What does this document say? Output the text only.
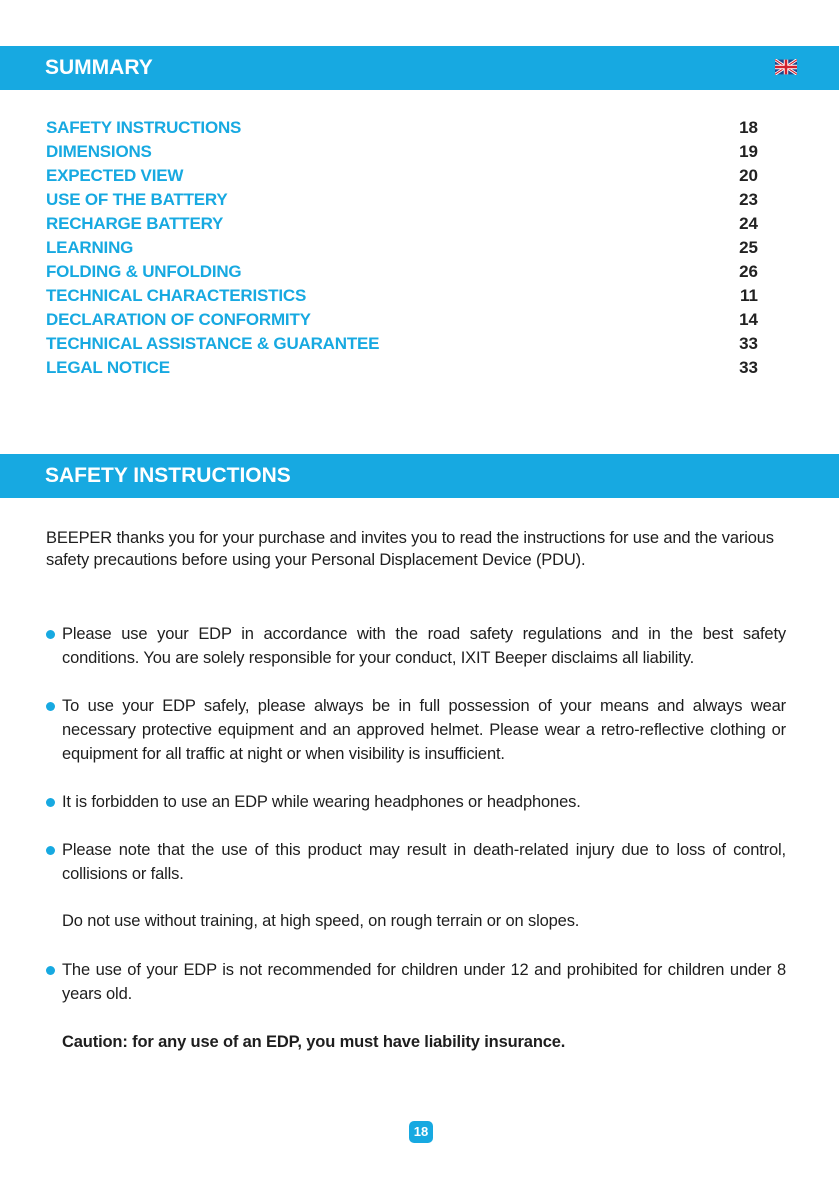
SUMMARY
SAFETY INSTRUCTIONS	18
DIMENSIONS	19
EXPECTED VIEW	20
USE OF THE BATTERY	23
RECHARGE BATTERY	24
LEARNING	25
FOLDING & UNFOLDING	26
TECHNICAL CHARACTERISTICS	11
DECLARATION OF CONFORMITY	14
TECHNICAL ASSISTANCE & GUARANTEE	33
LEGAL NOTICE	33
SAFETY INSTRUCTIONS

BEEPER thanks you for your purchase and invites you to read the instructions for use and the various safety precautions before using your Personal Displacement Device (PDU).

Please use your EDP in accordance with the road safety regulations and in the best safety conditions. You are solely responsible for your conduct, IXIT Beeper disclaims all liability.

To use your EDP safely, please always be in full possession of your means and always wear necessary protective equipment and an approved helmet. Please wear a retro-reflective clothing or equipment for all traffic at night or when visibility is insufficient.

It is forbidden to use an EDP while wearing headphones or headphones.

Please note that the use of this product may result in death-related injury due to loss of control, collisions or falls.

Do not use without training, at high speed, on rough terrain or on slopes.

The use of your EDP is not recommended for children under 12 and prohibited for children under 8 years old.

Caution: for any use of an EDP, you must have liability insurance.

18
